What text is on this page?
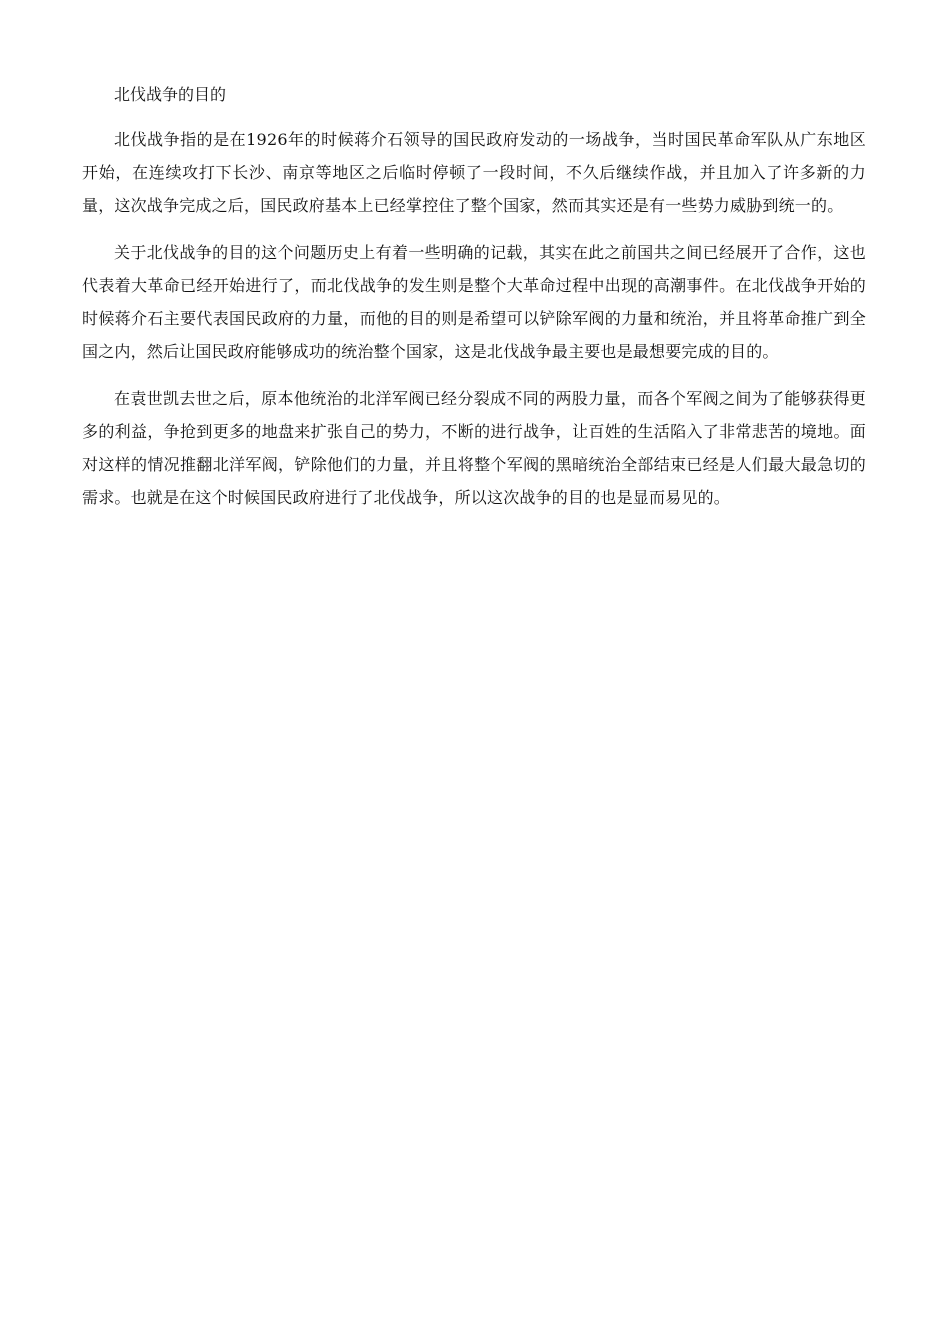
北伐战争的目的

北伐战争指的是在1926年的时候蒋介石领导的国民政府发动的一场战争，当时国民革命军队从广东地区开始，在连续攻打下长沙、南京等地区之后临时停顿了一段时间，不久后继续作战，并且加入了许多新的力量，这次战争完成之后，国民政府基本上已经掌控住了整个国家，然而其实还是有一些势力威胁到统一的。

关于北伐战争的目的这个问题历史上有着一些明确的记载，其实在此之前国共之间已经展开了合作，这也代表着大革命已经开始进行了，而北伐战争的发生则是整个大革命过程中出现的高潮事件。在北伐战争开始的时候蒋介石主要代表国民政府的力量，而他的目的则是希望可以铲除军阀的力量和统治，并且将革命推广到全国之内，然后让国民政府能够成功的统治整个国家，这是北伐战争最主要也是最想要完成的目的。

在袁世凯去世之后，原本他统治的北洋军阀已经分裂成不同的两股力量，而各个军阀之间为了能够获得更多的利益，争抢到更多的地盘来扩张自己的势力，不断的进行战争，让百姓的生活陷入了非常悲苦的境地。面对这样的情况推翻北洋军阀，铲除他们的力量，并且将整个军阀的黑暗统治全部结束已经是人们最大最急切的需求。也就是在这个时候国民政府进行了北伐战争，所以这次战争的目的也是显而易见的。
